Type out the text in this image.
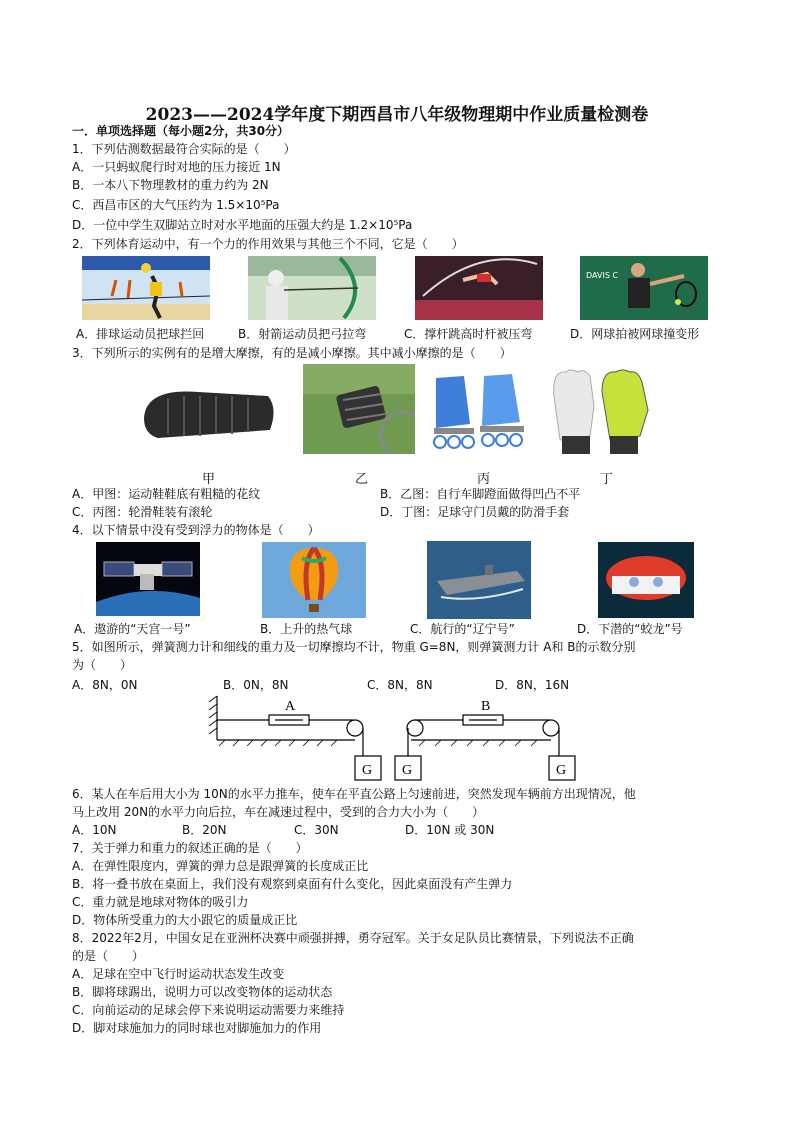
2023——2024学年度下期西昌市八年级物理期中作业质量检测卷
一．单项选择题（每小题2分，共30分）
1．下列估测数据最符合实际的是（　　）
A．一只蚂蚁爬行时对地的压力接近 1N
B．一本八下物理教材的重力约为 2N
C．西昌市区的大气压约为 1.5×10⁵Pa
D．一位中学生双脚站立时对水平地面的压强大约是 1.2×10⁵Pa
2．下列体育运动中，有一个力的作用效果与其他三个不同，它是（　　）
DAVIS C
A．排球运动员把球拦回	B．射箭运动员把弓拉弯	C．撑杆跳高时杆被压弯	D．网球拍被网球撞变形
3．下列所示的实例有的是增大摩擦，有的是减小摩擦。其中减小摩擦的是（　　）
甲	乙	丙	丁
A．甲图：运动鞋鞋底有粗糙的花纹	B．乙图：自行车脚蹬面做得凹凸不平
C．丙图：轮滑鞋装有滚轮	D．丁图：足球守门员戴的防滑手套
4．以下情景中没有受到浮力的物体是（　　）
A．遨游的“天宫一号”	B．上升的热气球	C．航行的“辽宁号”	D．下潜的“蛟龙”号
5．如图所示，弹簧测力计和细线的重力及一切摩擦均不计，物重 G=8N，则弹簧测力计 A和 B的示数分别
为（　　）
A．8N，0N	B．0N，8N	C．8N，8N	D．8N，16N
A	B
G G	G
6．某人在车后用大小为 10N的水平力推车，使车在平直公路上匀速前进，突然发现车辆前方出现情况，他
马上改用 20N的水平力向后拉，车在减速过程中，受到的合力大小为（　　）
A．10N	B．20N	C．30N	D．10N 或 30N
7．关于弹力和重力的叙述正确的是（　　）
A．在弹性限度内，弹簧的弹力总是跟弹簧的长度成正比
B．将一叠书放在桌面上，我们没有观察到桌面有什么变化，因此桌面没有产生弹力
C．重力就是地球对物体的吸引力
D．物体所受重力的大小跟它的质量成正比
8．2022年2月，中国女足在亚洲杯决赛中顽强拼搏，勇夺冠军。关于女足队员比赛情景，下列说法不正确
的是（　　）
A．足球在空中飞行时运动状态发生改变
B．脚将球踢出，说明力可以改变物体的运动状态
C．向前运动的足球会停下来说明运动需要力来维持
D．脚对球施加力的同时球也对脚施加力的作用
